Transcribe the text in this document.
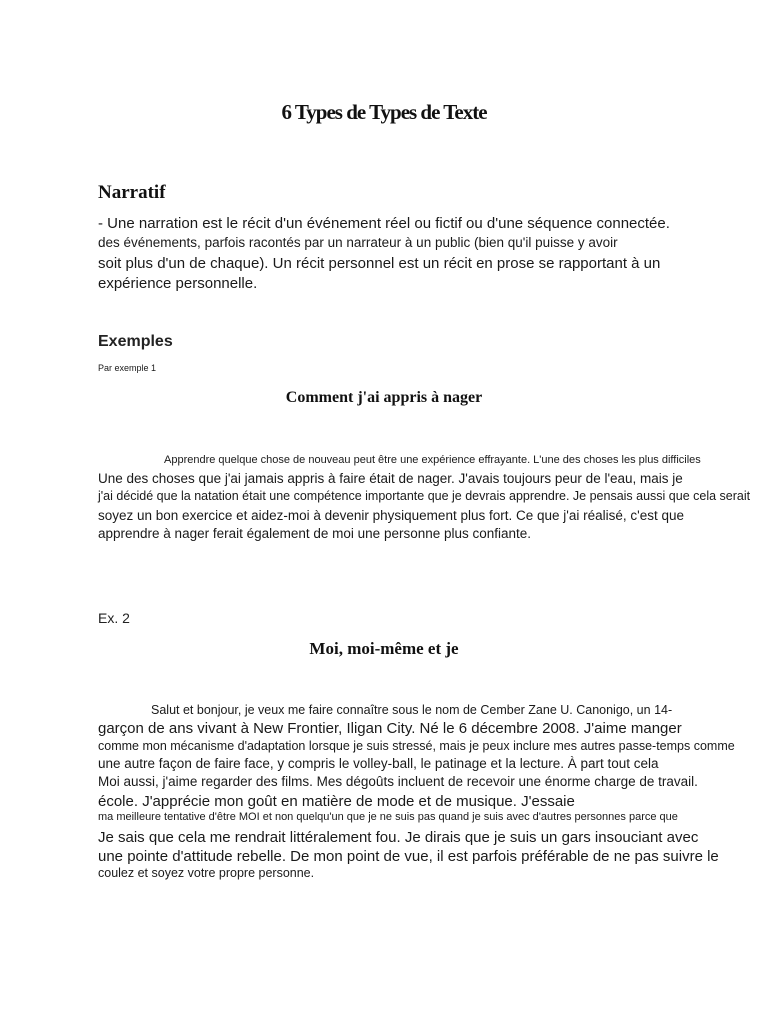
6 Types de Types de Texte
Narratif

- Une narration est le récit d'un événement réel ou fictif ou d'une séquence connectée.

des événements, parfois racontés par un narrateur à un public (bien qu'il puisse y avoir

soit plus d'un de chaque). Un récit personnel est un récit en prose se rapportant à un

expérience personnelle.

Exemples

Par exemple 1

Comment j'ai appris à nager

Apprendre quelque chose de nouveau peut être une expérience effrayante. L'une des choses les plus difficiles

Une des choses que j'ai jamais appris à faire était de nager. J'avais toujours peur de l'eau, mais je

j'ai décidé que la natation était une compétence importante que je devrais apprendre. Je pensais aussi que cela serait

soyez un bon exercice et aidez-moi à devenir physiquement plus fort. Ce que j'ai réalisé, c'est que

apprendre à nager ferait également de moi une personne plus confiante.

Ex. 2

Moi, moi-même et je

Salut et bonjour, je veux me faire connaître sous le nom de Cember Zane U. Canonigo, un 14-

garçon de ans vivant à New Frontier, Iligan City. Né le 6 décembre 2008. J'aime manger

comme mon mécanisme d'adaptation lorsque je suis stressé, mais je peux inclure mes autres passe-temps comme

une autre façon de faire face, y compris le volley-ball, le patinage et la lecture. À part tout cela

Moi aussi, j'aime regarder des films. Mes dégoûts incluent de recevoir une énorme charge de travail.

école. J'apprécie mon goût en matière de mode et de musique. J'essaie

ma meilleure tentative d'être MOI et non quelqu'un que je ne suis pas quand je suis avec d'autres personnes parce que

Je sais que cela me rendrait littéralement fou. Je dirais que je suis un gars insouciant avec

une pointe d'attitude rebelle. De mon point de vue, il est parfois préférable de ne pas suivre le

coulez et soyez votre propre personne.
